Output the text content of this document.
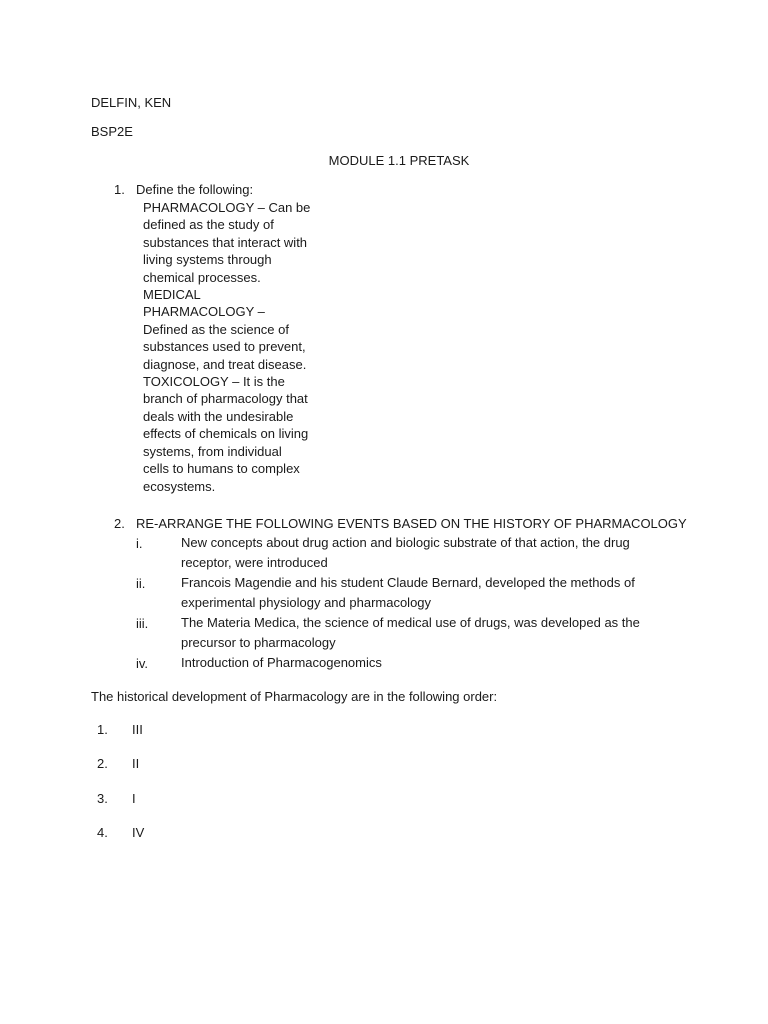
DELFIN, KEN
BSP2E
MODULE 1.1 PRETASK
1. Define the following:

PHARMACOLOGY – Can be defined as the study of substances that interact with living systems through chemical processes.

MEDICAL PHARMACOLOGY – Defined as the science of substances used to prevent, diagnose, and treat disease.

TOXICOLOGY – It is the branch of pharmacology that deals with the undesirable effects of chemicals on living systems, from individual cells to humans to complex ecosystems.

2. RE-ARRANGE THE FOLLOWING EVENTS BASED ON THE HISTORY OF PHARMACOLOGY
i.	New concepts about drug action and biologic substrate of that action, the drug receptor, were introduced
ii.	Francois Magendie and his student Claude Bernard, developed the methods of experimental physiology and pharmacology
iii.	The Materia Medica, the science of medical use of drugs, was developed as the precursor to pharmacology
iv.	Introduction of Pharmacogenomics
The historical development of Pharmacology are in the following order:
1. III
2. II
3. I
4. IV
